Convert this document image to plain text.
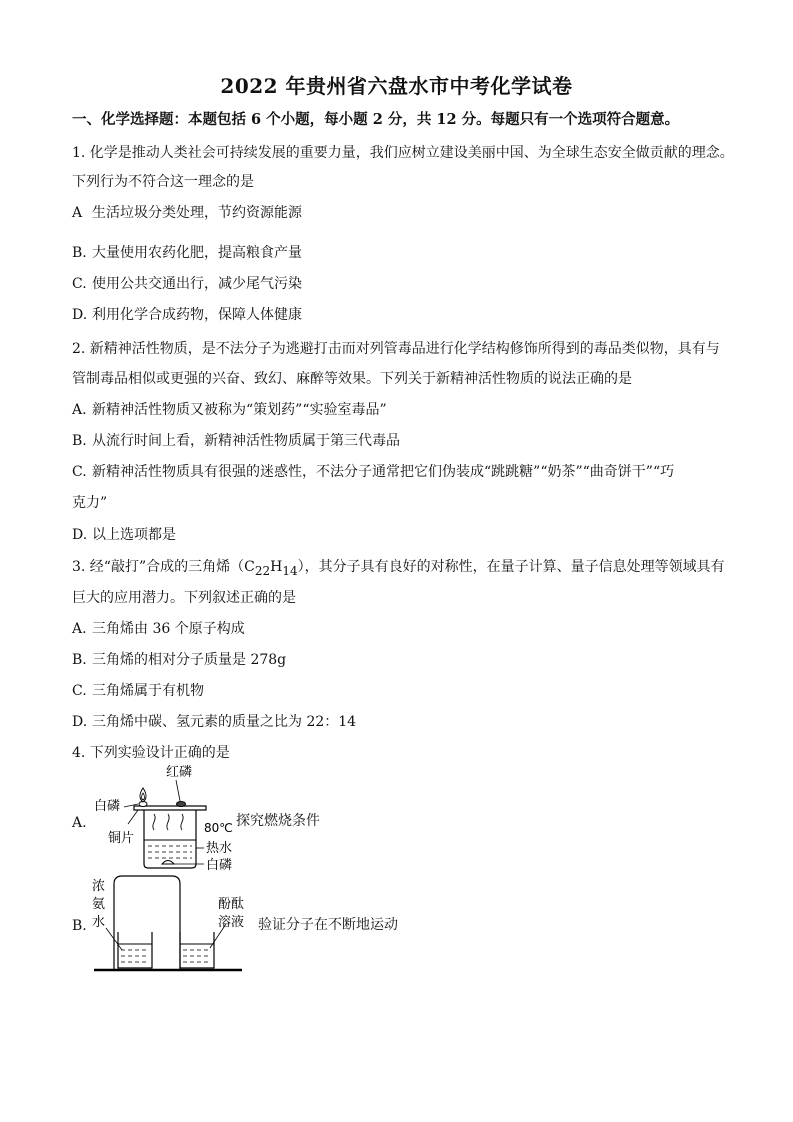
2022 年贵州省六盘水市中考化学试卷
一、化学选择题：本题包括 6 个小题，每小题 2 分，共 12 分。每题只有一个选项符合题意。
1. 化学是推动人类社会可持续发展的重要力量，我们应树立建设美丽中国、为全球生态安全做贡献的理念。
下列行为不符合这一理念的是
A 生活垃圾分类处理，节约资源能源
B. 大量使用农药化肥，提高粮食产量
C. 使用公共交通出行，减少尾气污染
D. 利用化学合成药物，保障人体健康
2. 新精神活性物质，是不法分子为逃避打击而对列管毒品进行化学结构修饰所得到的毒品类似物，具有与
管制毒品相似或更强的兴奋、致幻、麻醉等效果。下列关于新精神活性物质的说法正确的是
A. 新精神活性物质又被称为“策划药”“实验室毒品”
B. 从流行时间上看，新精神活性物质属于第三代毒品
C. 新精神活性物质具有很强的迷惑性，不法分子通常把它们伪装成“跳跳糖”“奶茶”“曲奇饼干”“巧
克力”
D. 以上选项都是
3. 经“敲打”合成的三角烯$(C_{22}H_{14})$，其分子具有良好的对称性，在量子计算、量子信息处理等领域具有
巨大的应用潜力。下列叙述正确的是
A. 三角烯由 36 个原子构成
B. 三角烯的相对分子质量是 278g
C. 三角烯属于有机物
D. 三角烯中碳、氢元素的质量之比为 22：14
4. 下列实验设计正确的是
A.
红磷
白磷
铜片
80℃
热水
白磷
探究燃烧条件
B.
浓
氨
水
酚酞
溶液 验证分子在不断地运动
